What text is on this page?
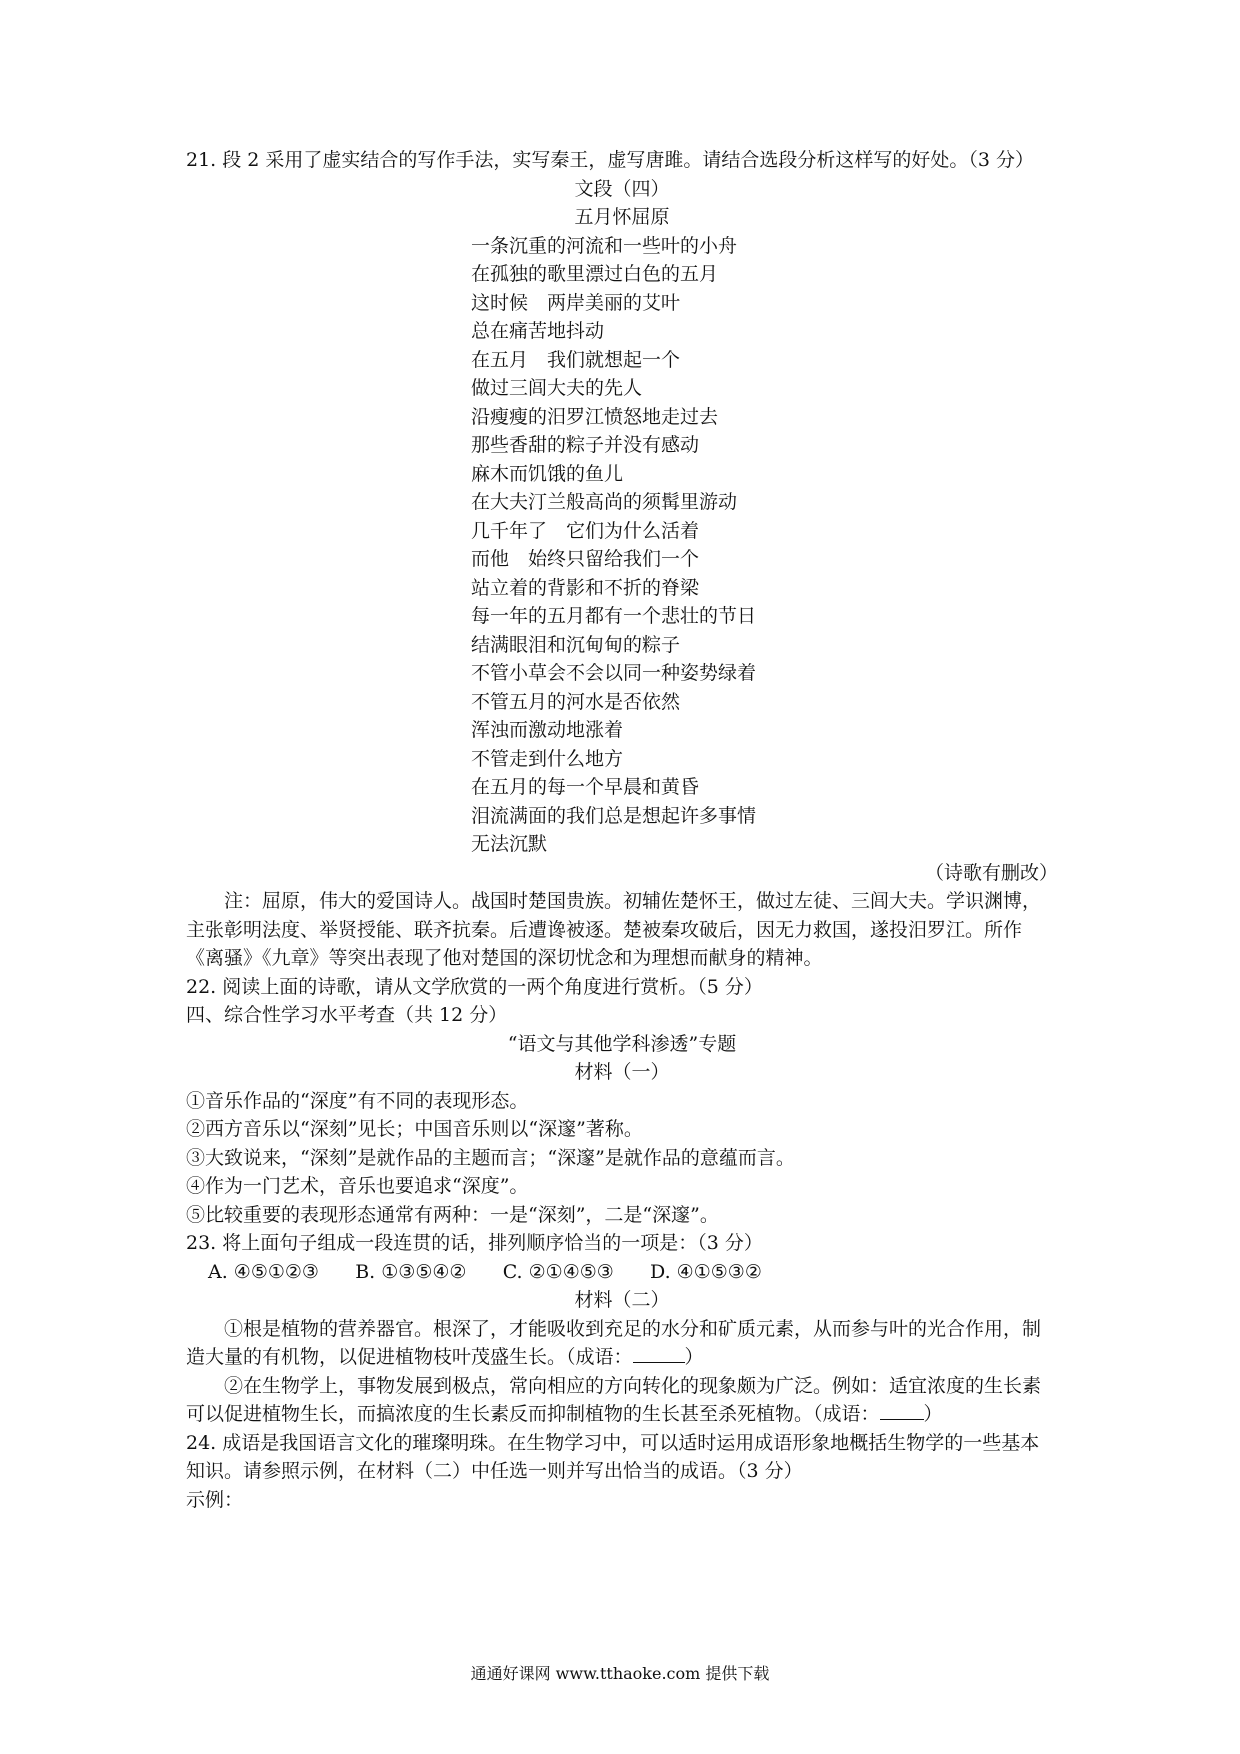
21. 段 2 采用了虚实结合的写作手法，实写秦王，虚写唐雎。请结合选段分析这样写的好处。（3 分）

文段（四）

五月怀屈原

一条沉重的河流和一些叶的小舟
在孤独的歌里漂过白色的五月
这时候　两岸美丽的艾叶
总在痛苦地抖动
在五月　我们就想起一个
做过三闾大夫的先人
沿瘦瘦的汨罗江愤怒地走过去
那些香甜的粽子并没有感动
麻木而饥饿的鱼儿
在大夫汀兰般高尚的须髯里游动
几千年了　它们为什么活着
而他　始终只留给我们一个
站立着的背影和不折的脊梁
每一年的五月都有一个悲壮的节日
结满眼泪和沉甸甸的粽子
不管小草会不会以同一种姿势绿着
不管五月的河水是否依然
浑浊而激动地涨着
不管走到什么地方
在五月的每一个早晨和黄昏
泪流满面的我们总是想起许多事情
无法沉默

（诗歌有删改）

注：屈原，伟大的爱国诗人。战国时楚国贵族。初辅佐楚怀王，做过左徒、三闾大夫。学识渊博，主张彰明法度、举贤授能、联齐抗秦。后遭谗被逐。楚被秦攻破后，因无力救国，遂投汨罗江。所作《离骚》《九章》等突出表现了他对楚国的深切忧念和为理想而献身的精神。

22. 阅读上面的诗歌，请从文学欣赏的一两个角度进行赏析。（5 分）

四、综合性学习水平考查（共 12 分）

“语文与其他学科渗透”专题

材料（一）

①音乐作品的“深度”有不同的表现形态。

②西方音乐以“深刻”见长；中国音乐则以“深邃”著称。

③大致说来，“深刻”是就作品的主题而言；“深邃”是就作品的意蕴而言。

④作为一门艺术，音乐也要追求“深度”。

⑤比较重要的表现形态通常有两种：一是“深刻”，二是“深邃”。

23. 将上面句子组成一段连贯的话，排列顺序恰当的一项是：（3 分）

A. ④⑤①②③ B. ①③⑤④② C. ②①④⑤③ D. ④①⑤③②

材料（二）

①根是植物的营养器官。根深了，才能吸收到充足的水分和矿质元素，从而参与叶的光合作用，制造大量的有机物，以促进植物枝叶茂盛生长。（成语：	）

②在生物学上，事物发展到极点，常向相应的方向转化的现象颇为广泛。例如：适宜浓度的生长素可以促进植物生长，而搞浓度的生长素反而抑制植物的生长甚至杀死植物。（成语： ）

24. 成语是我国语言文化的璀璨明珠。在生物学习中，可以适时运用成语形象地概括生物学的一些基本知识。请参照示例，在材料（二）中任选一则并写出恰当的成语。（3 分）

示例：

通通好课网 www.tthaoke.com 提供下载
